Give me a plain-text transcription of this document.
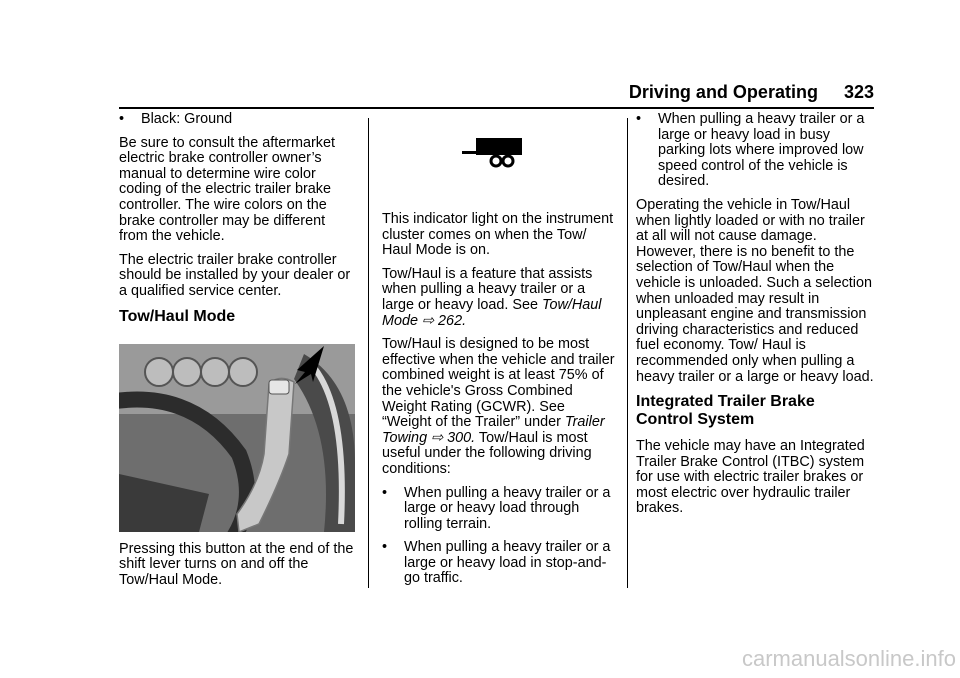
Driving and Operating 323
•	Black: Ground

Be sure to consult the aftermarket electric brake controller owner’s manual to determine wire color coding of the electric trailer brake controller. The wire colors on the brake controller may be different from the vehicle.

The electric trailer brake controller should be installed by your dealer or a qualified service center.

Tow/Haul Mode

Pressing this button at the end of the shift lever turns on and off the Tow/Haul Mode.

This indicator light on the instrument cluster comes on when the Tow/ Haul Mode is on.

Tow/Haul is a feature that assists when pulling a heavy trailer or a large or heavy load. See Tow/Haul Mode ⇨ 262.

Tow/Haul is designed to be most effective when the vehicle and trailer combined weight is at least 75% of the vehicle's Gross Combined Weight Rating (GCWR). See “Weight of the Trailer” under Trailer Towing ⇨ 300. Tow/Haul is most useful under the following driving conditions:

•	When pulling a heavy trailer or a large or heavy load through rolling terrain.
•	When pulling a heavy trailer or a large or heavy load in stop-and-go traffic.
•	When pulling a heavy trailer or a large or heavy load in busy parking lots where improved low speed control of the vehicle is desired.

Operating the vehicle in Tow/Haul when lightly loaded or with no trailer at all will not cause damage. However, there is no benefit to the selection of Tow/Haul when the vehicle is unloaded. Such a selection when unloaded may result in unpleasant engine and transmission driving characteristics and reduced fuel economy. Tow/ Haul is recommended only when pulling a heavy trailer or a large or heavy load.

Integrated Trailer Brake Control System

The vehicle may have an Integrated Trailer Brake Control (ITBC) system for use with electric trailer brakes or most electric over hydraulic trailer brakes.

carmanualsonline.info
